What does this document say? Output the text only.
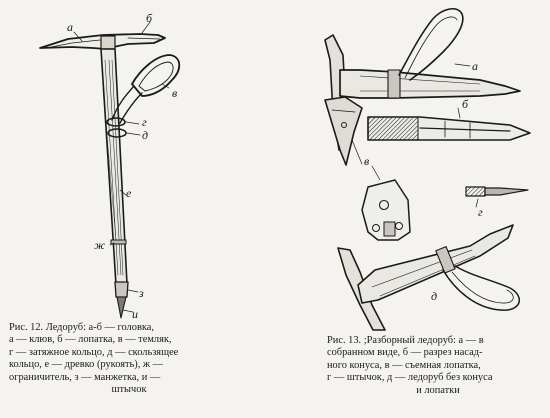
а
б
в
г
д
е
ж
з
и
а
б
в
г
д

Рис. 12. Ледоруб: а-б — головка,

а — клюв, б — лопатка, в — темляк,

г — затяжное кольцо, д — скользящее

кольцо, е — древко (рукоять), ж —

ограничитель, з — манжетка, и —

штычок

Рис. 13. ;Разборный ледоруб: а — в

собранном виде, б — разрез насад-

ного конуса, в — съемная лопатка,

г — штычок, д — ледоруб без конуса

и лопатки
